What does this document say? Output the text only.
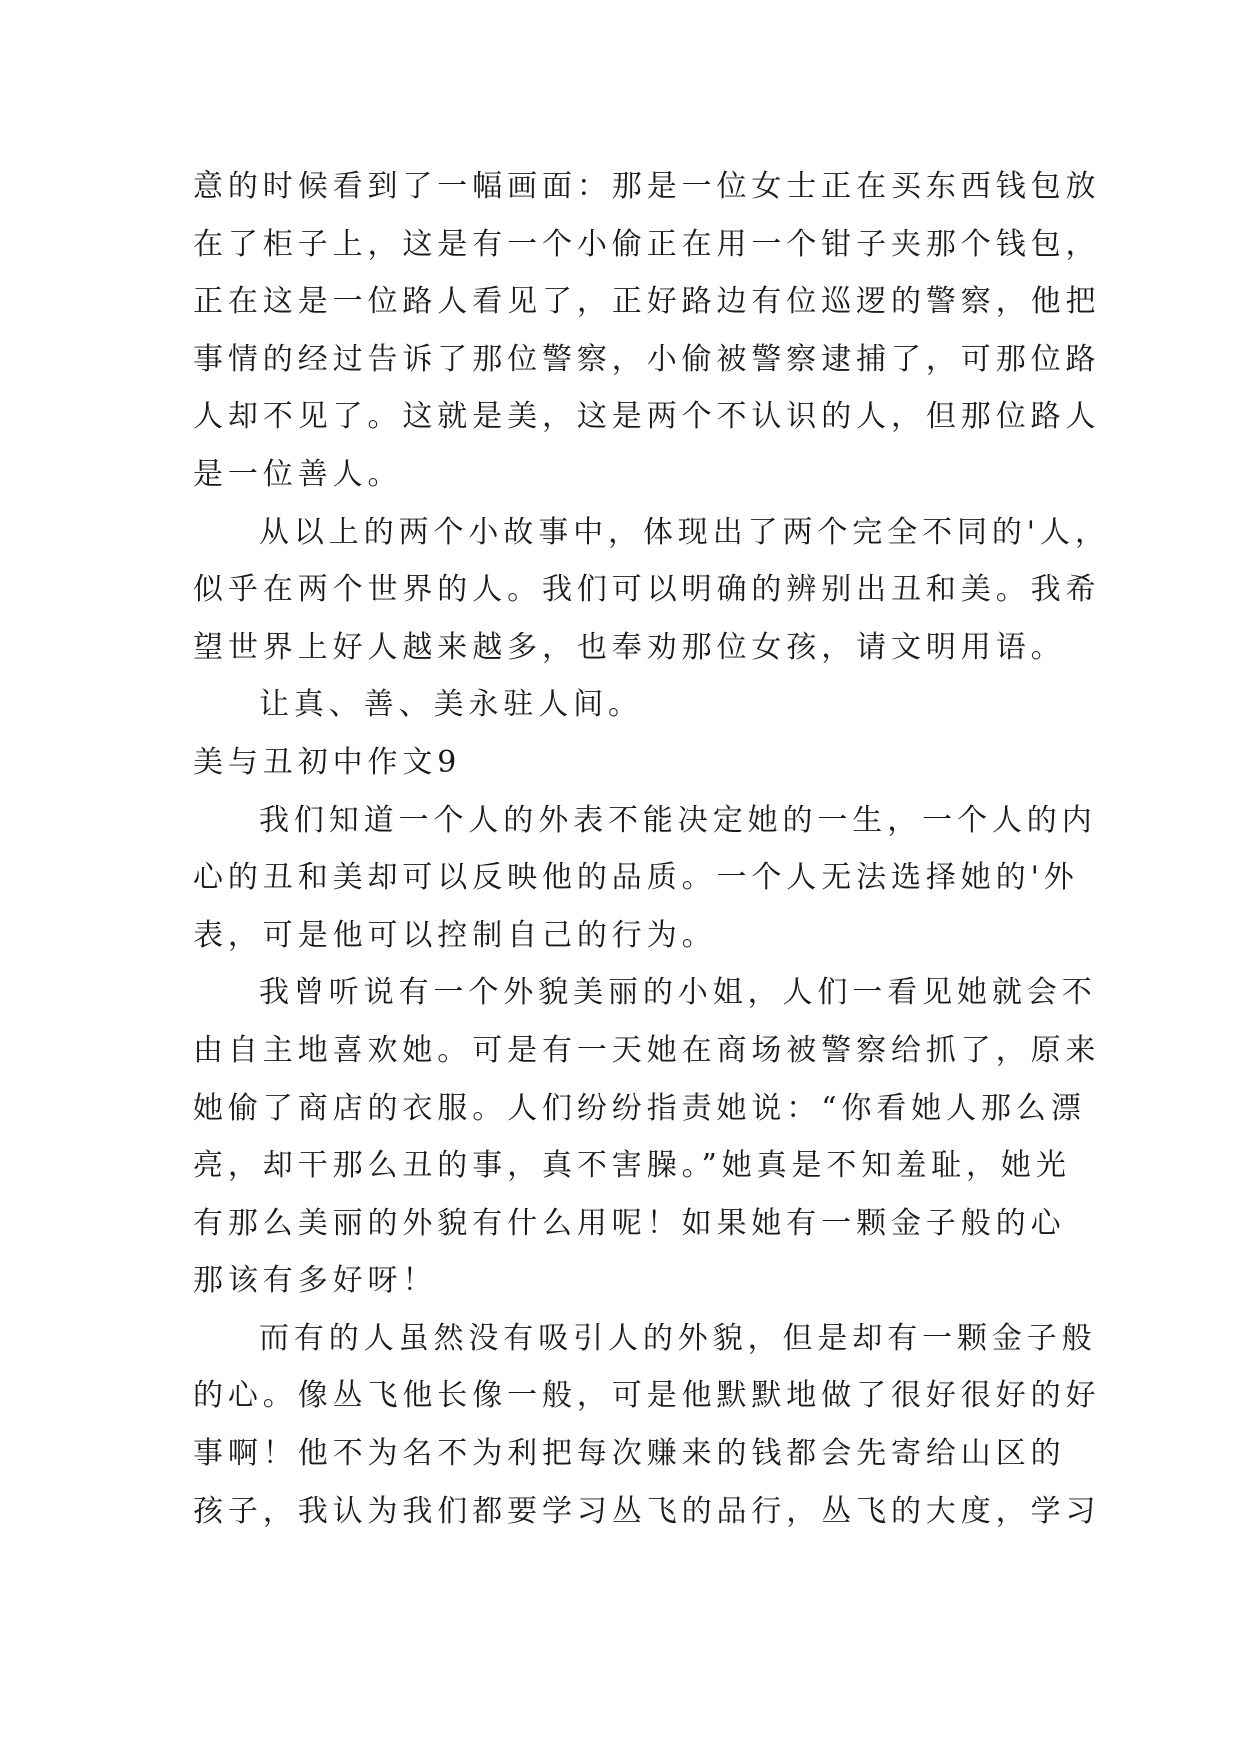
意的时候看到了一幅画面：那是一位女士正在买东西钱包放
在了柜子上，这是有一个小偷正在用一个钳子夹那个钱包，
正在这是一位路人看见了，正好路边有位巡逻的警察，他把
事情的经过告诉了那位警察，小偷被警察逮捕了，可那位路
人却不见了。这就是美，这是两个不认识的人，但那位路人
是一位善人。
从以上的两个小故事中，体现出了两个完全不同的'人，
似乎在两个世界的人。我们可以明确的辨别出丑和美。我希
望世界上好人越来越多，也奉劝那位女孩，请文明用语。
让真、善、美永驻人间。
美与丑初中作文9
我们知道一个人的外表不能决定她的一生，一个人的内
心的丑和美却可以反映他的品质。一个人无法选择她的'外
表，可是他可以控制自己的行为。
我曾听说有一个外貌美丽的小姐，人们一看见她就会不
由自主地喜欢她。可是有一天她在商场被警察给抓了，原来
她偷了商店的衣服。人们纷纷指责她说：“你看她人那么漂
亮，却干那么丑的事，真不害臊。”她真是不知羞耻，她光
有那么美丽的外貌有什么用呢！如果她有一颗金子般的心
那该有多好呀！
而有的人虽然没有吸引人的外貌，但是却有一颗金子般
的心。像丛飞他长像一般，可是他默默地做了很好很好的好
事啊！他不为名不为利把每次赚来的钱都会先寄给山区的
孩子，我认为我们都要学习丛飞的品行，丛飞的大度，学习
